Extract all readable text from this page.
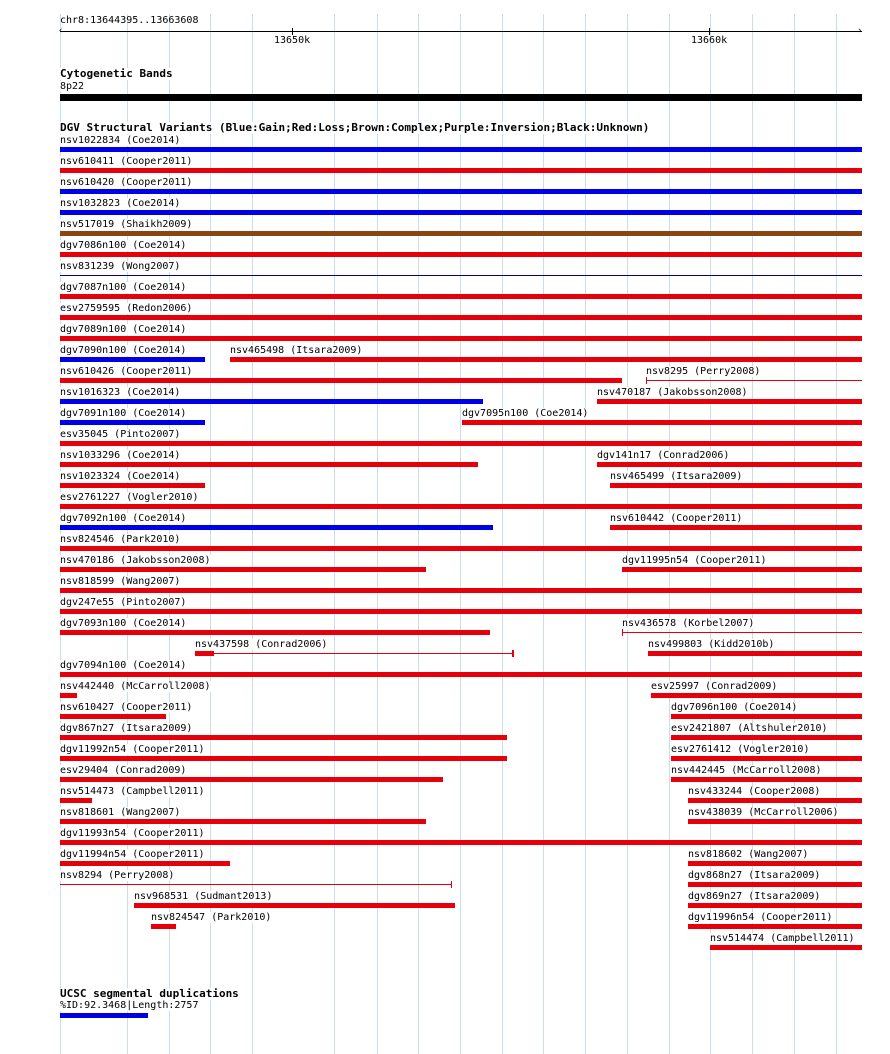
chr8:13644395..13663608
‹	›
13650k	13660k
Cytogenetic Bands
8p22
DGV Structural Variants (Blue:Gain;Red:Loss;Brown:Complex;Purple:Inversion;Black:Unknown)
nsv1022834 (Coe2014)
nsv610411 (Cooper2011)
nsv610420 (Cooper2011)
nsv1032823 (Coe2014)
nsv517019 (Shaikh2009)
dgv7086n100 (Coe2014)
nsv831239 (Wong2007)
dgv7087n100 (Coe2014)
esv2759595 (Redon2006)
dgv7089n100 (Coe2014)
dgv7090n100 (Coe2014)	nsv465498 (Itsara2009)
nsv610426 (Cooper2011)	nsv8295 (Perry2008)
nsv1016323 (Coe2014)	nsv470187 (Jakobsson2008)
dgv7091n100 (Coe2014)	dgv7095n100 (Coe2014)
esv35045 (Pinto2007)
nsv1033296 (Coe2014)	dgv141n17 (Conrad2006)
nsv1023324 (Coe2014)	nsv465499 (Itsara2009)
esv2761227 (Vogler2010)
dgv7092n100 (Coe2014)	nsv610442 (Cooper2011)
nsv824546 (Park2010)
nsv470186 (Jakobsson2008)	dgv11995n54 (Cooper2011)
nsv818599 (Wang2007)
dgv247e55 (Pinto2007)
dgv7093n100 (Coe2014)	nsv436578 (Korbel2007)
nsv437598 (Conrad2006)	nsv499803 (Kidd2010b)
dgv7094n100 (Coe2014)
nsv442440 (McCarroll2008)	esv25997 (Conrad2009)
nsv610427 (Cooper2011)	dgv7096n100 (Coe2014)
dgv867n27 (Itsara2009)	esv2421807 (Altshuler2010)
dgv11992n54 (Cooper2011)	esv2761412 (Vogler2010)
esv29404 (Conrad2009)	nsv442445 (McCarroll2008)
nsv514473 (Campbell2011)	nsv433244 (Cooper2008)
nsv818601 (Wang2007)	nsv438039 (McCarroll2006)
dgv11993n54 (Cooper2011)
dgv11994n54 (Cooper2011)	nsv818602 (Wang2007)
nsv8294 (Perry2008)	dgv868n27 (Itsara2009)
nsv968531 (Sudmant2013)	dgv869n27 (Itsara2009)
nsv824547 (Park2010)	dgv11996n54 (Cooper2011)
nsv514474 (Campbell2011)
UCSC segmental duplications
%ID:92.3468|Length:2757
